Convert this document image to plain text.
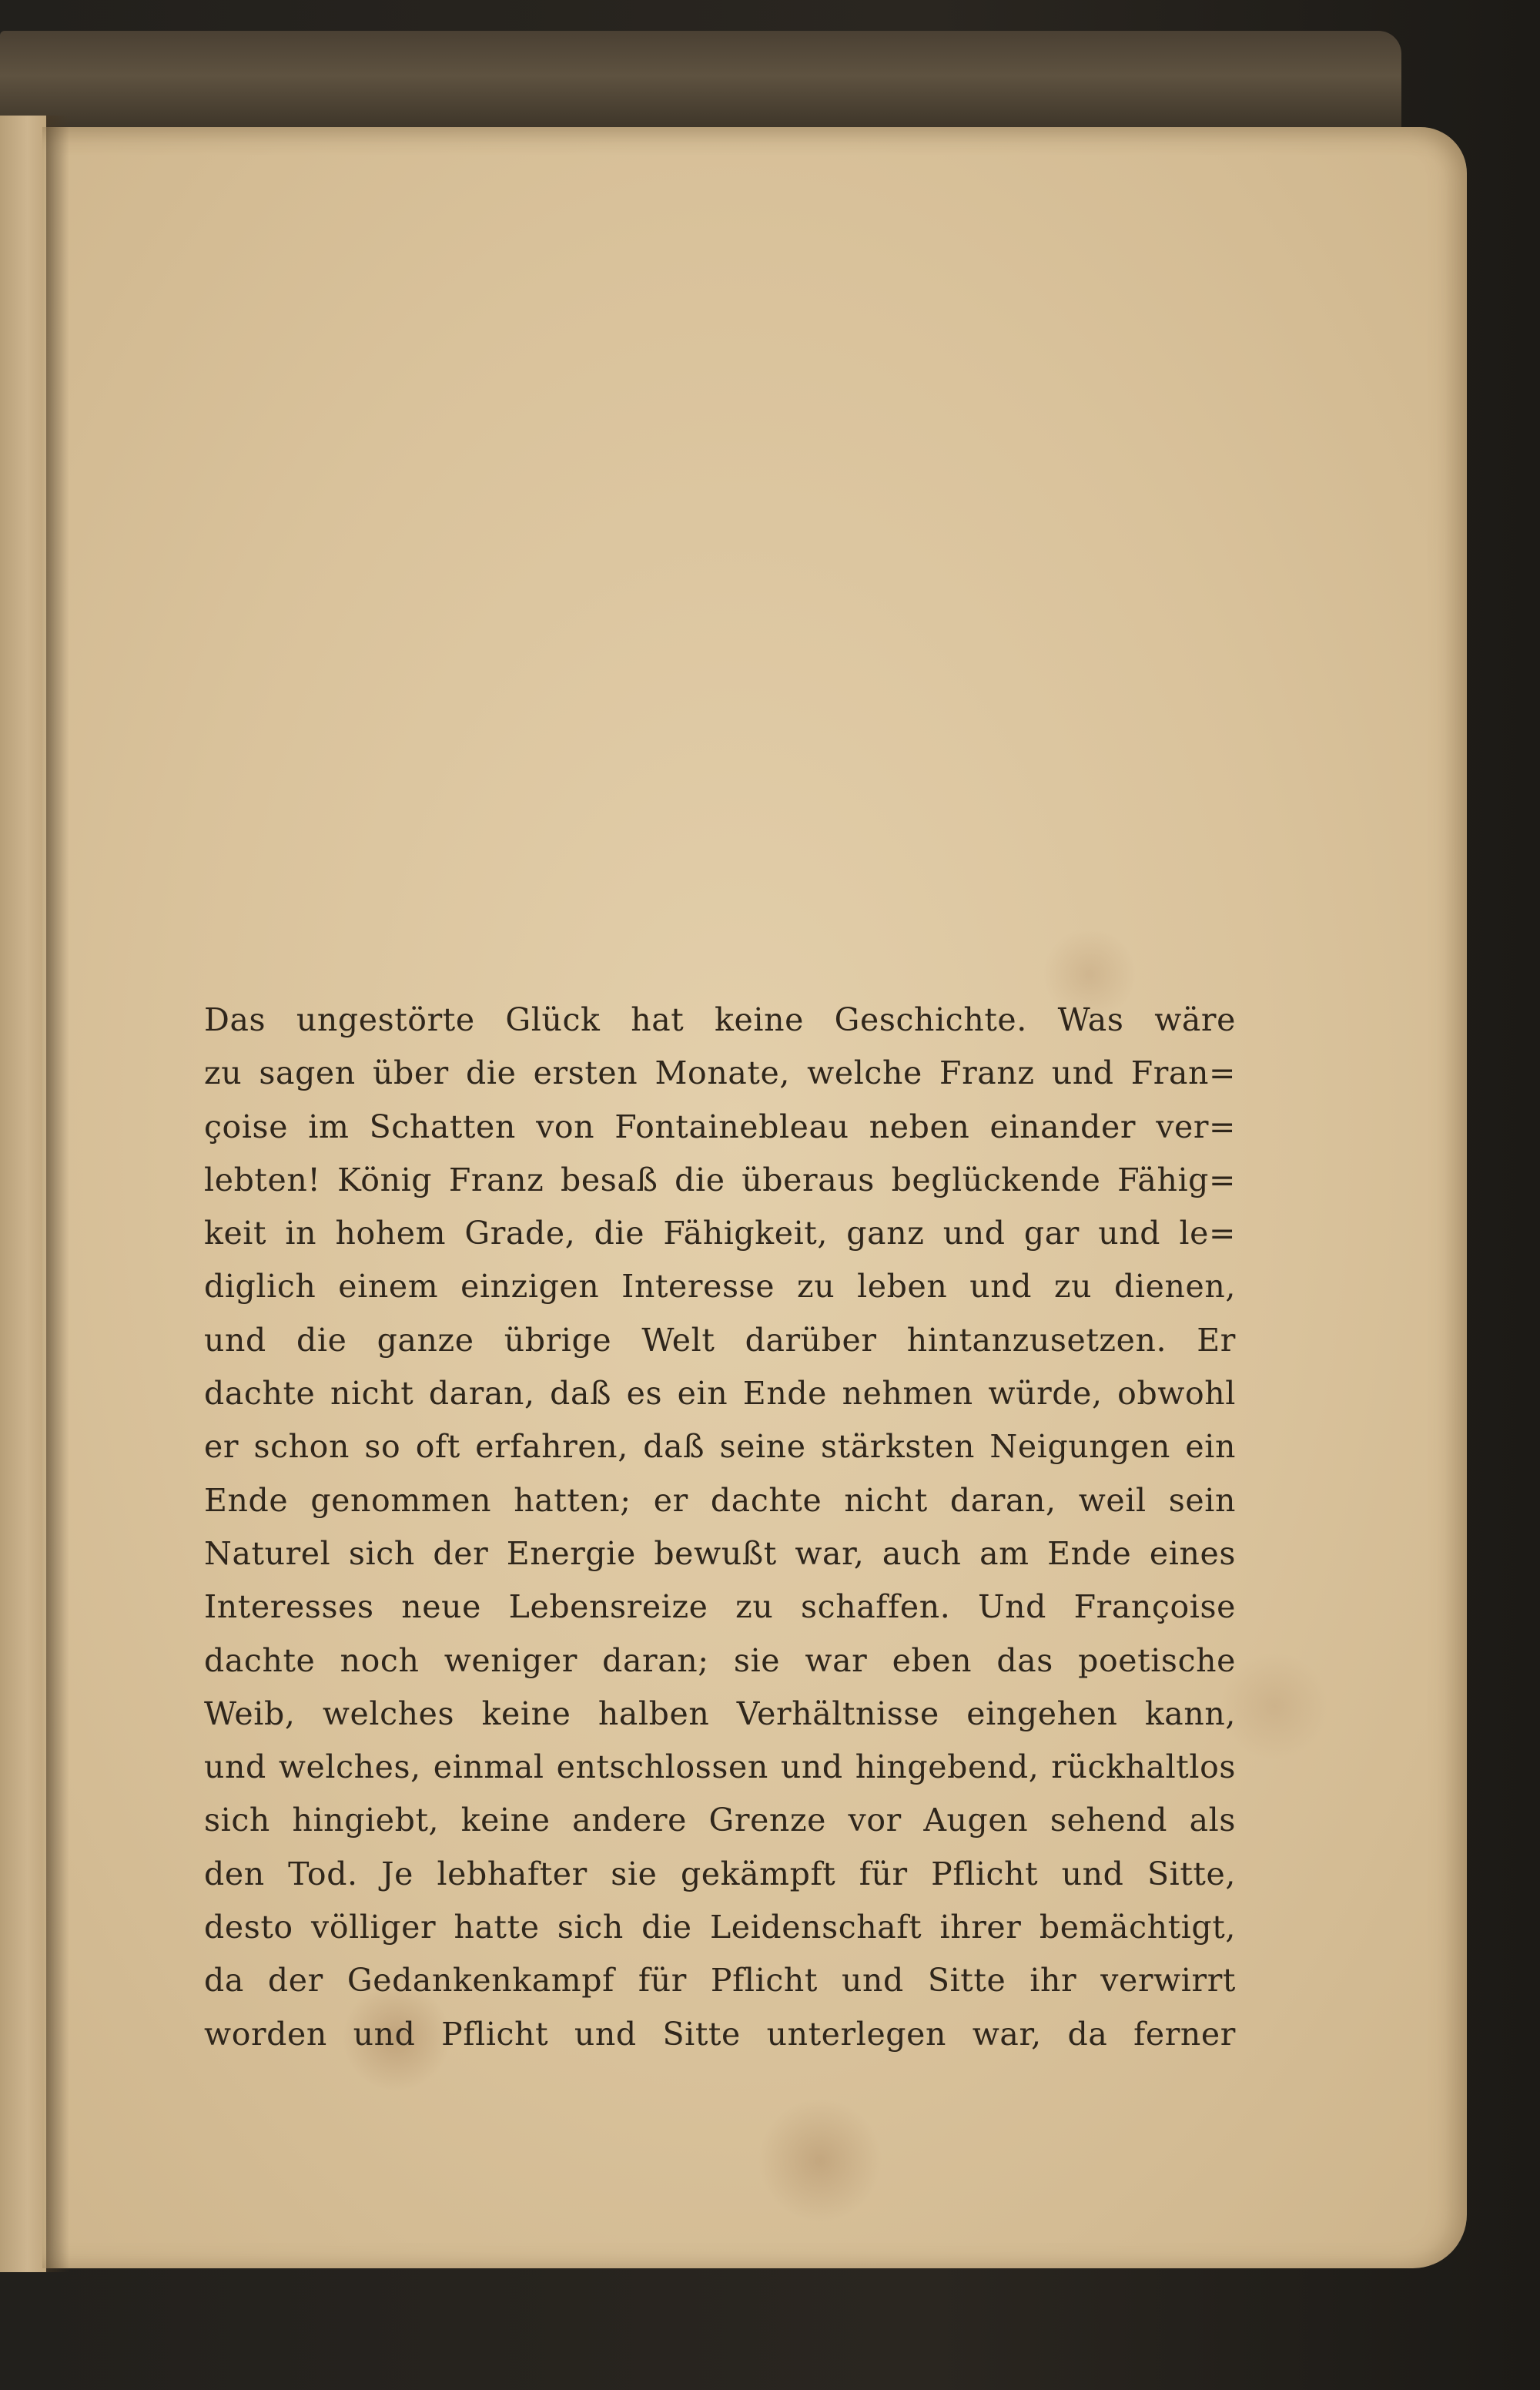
Das ungestörte Glück hat keine Geschichte. Was wäre
zu sagen über die ersten Monate, welche Franz und Fran=
çoise im Schatten von Fontainebleau neben einander ver=
lebten! König Franz besaß die überaus beglückende Fähig=
keit in hohem Grade, die Fähigkeit, ganz und gar und le=
diglich einem einzigen Interesse zu leben und zu dienen,
und die ganze übrige Welt darüber hintanzusetzen. Er
dachte nicht daran, daß es ein Ende nehmen würde, obwohl
er schon so oft erfahren, daß seine stärksten Neigungen ein
Ende genommen hatten; er dachte nicht daran, weil sein
Naturel sich der Energie bewußt war, auch am Ende eines
Interesses neue Lebensreize zu schaffen. Und Françoise
dachte noch weniger daran; sie war eben das poetische
Weib, welches keine halben Verhältnisse eingehen kann,
und welches, einmal entschlossen und hingebend, rückhaltlos
sich hingiebt, keine andere Grenze vor Augen sehend als
den Tod. Je lebhafter sie gekämpft für Pflicht und Sitte,
desto völliger hatte sich die Leidenschaft ihrer bemächtigt,
da der Gedankenkampf für Pflicht und Sitte ihr verwirrt
worden und Pflicht und Sitte unterlegen war, da ferner
